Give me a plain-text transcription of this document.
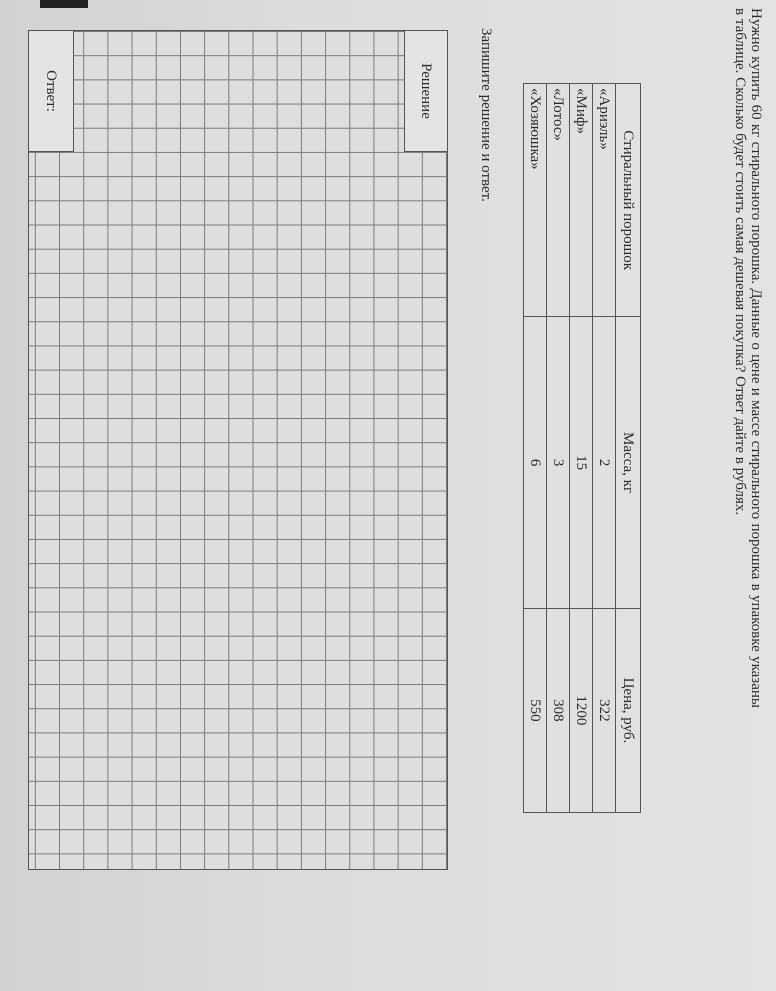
Нужно купить 60 кг стирального порошка. Данные о цене и массе стирального порошка в упаковке указаны в таблице. Сколько будет стоить самая дешевая покупка? Ответ дайте в рублях.
Стиральный порошок	Масса, кг	Цена, руб.
«Ариэль»	2	322
«Миф»	15	1200
«Лотос»	3	308
«Хозяюшка»	6	550
Запишите решение и ответ.
Решение
Ответ:
